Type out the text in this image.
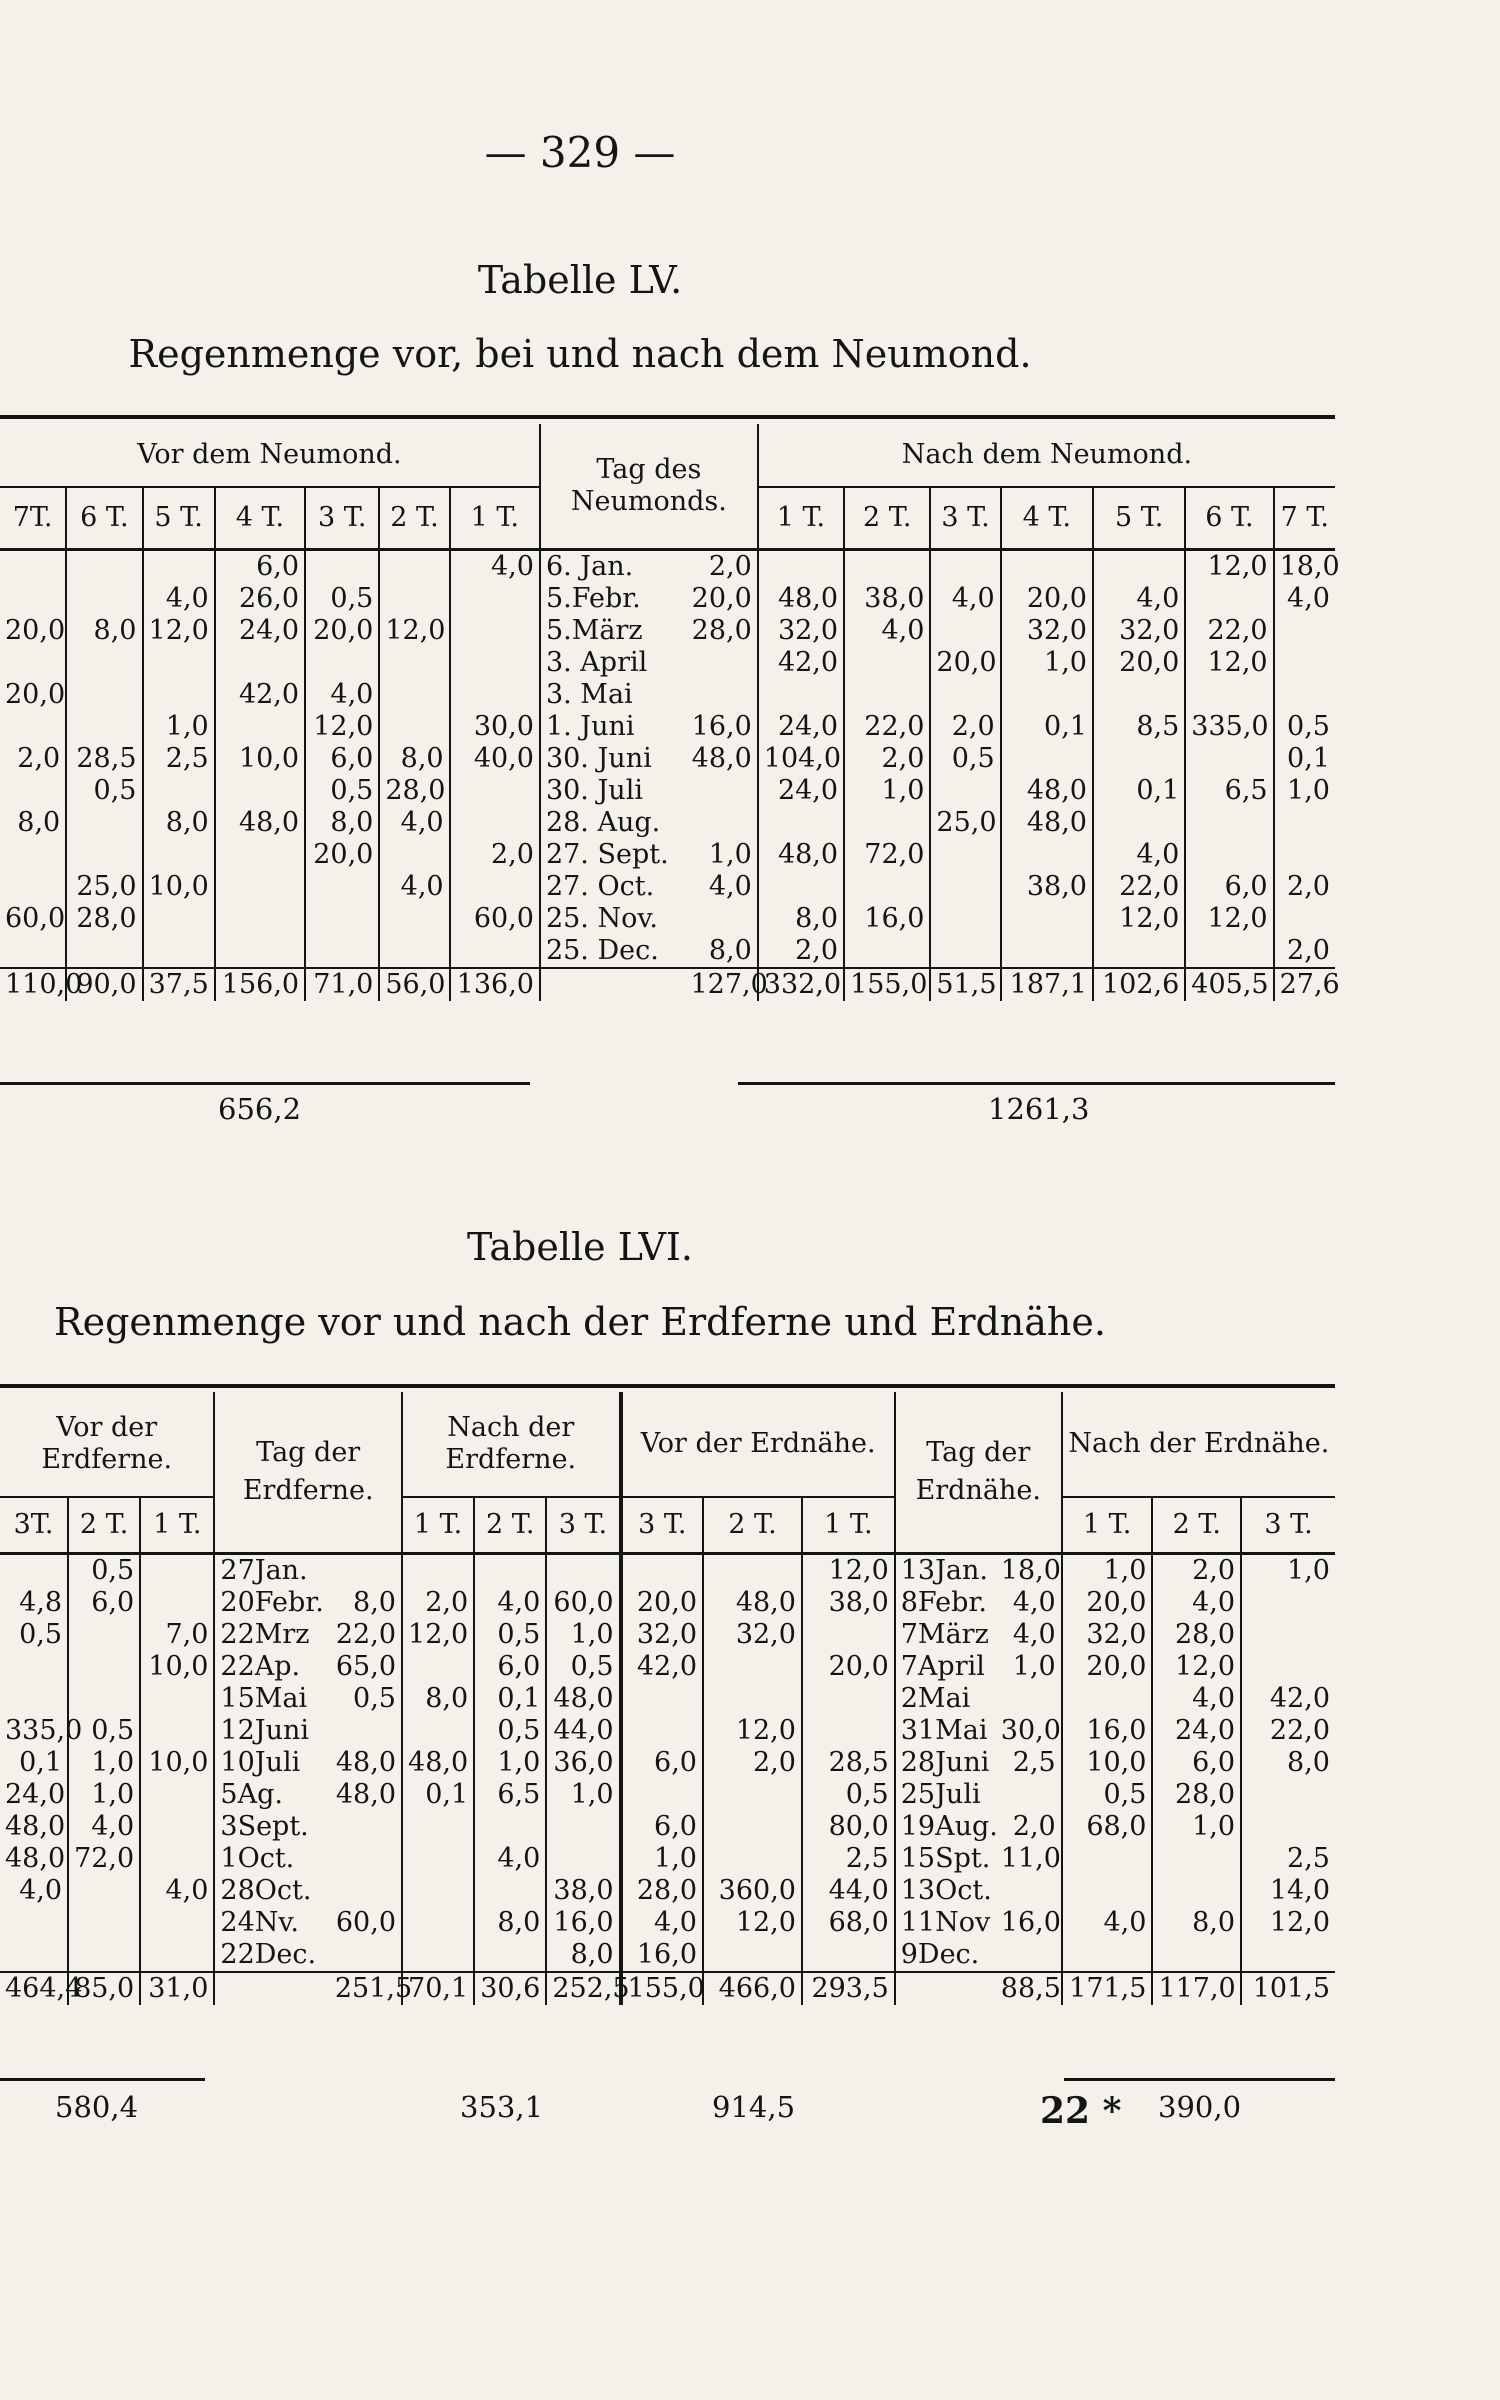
— 329 —
Tabelle LV.
Regenmenge vor, bei und nach dem Neumond.
Vor dem Neumond.							Tag des Neumonds.		Nach dem Neumond.						
7T.	6 T.	5 T.	4 T.	3 T.	2 T.	1 T.			1 T.	2 T.	3 T.	4 T.	5 T.	6 T.	7 T.
			6,0			4,0	6. Jan.	2,0						12,0	18,0
		4,0	26,0	0,5			5.Febr.	20,0	48,0	38,0	4,0	20,0	4,0		4,0
20,0	8,0	12,0	24,0	20,0	12,0		5.März	28,0	32,0	4,0		32,0	32,0	22,0	
							3. April		42,0		20,0	1,0	20,0	12,0	
20,0			42,0	4,0			3. Mai								
		1,0		12,0		30,0	1. Juni	16,0	24,0	22,0	2,0	0,1	8,5	335,0	0,5
2,0	28,5	2,5	10,0	6,0	8,0	40,0	30. Juni	48,0	104,0	2,0	0,5				0,1
	0,5			0,5	28,0		30. Juli		24,0	1,0		48,0	0,1	6,5	1,0
8,0		8,0	48,0	8,0	4,0		28. Aug.				25,0	48,0			
				20,0		2,0	27. Sept.	1,0	48,0	72,0			4,0		
	25,0	10,0			4,0		27. Oct.	4,0				38,0	22,0	6,0	2,0
60,0	28,0					60,0	25. Nov.		8,0	16,0			12,0	12,0	
							25. Dec.	8,0	2,0						2,0
110,0	90,0	37,5	156,0	71,0	56,0	136,0		127,0	332,0	155,0	51,5	187,1	102,6	405,5	27,6
656,2	1261,3
Tabelle LVI.
Regenmenge vor und nach der Erdferne und Erdnähe.
Vor der Erdferne.			Tag der Erdferne.		Nach der Erdferne.			Vor der Erdnähe.			Tag der Erdnähe.		Nach der Erdnähe.		
3T.	2 T.	1 T.			1 T.	2 T.	3 T.	3 T.	2 T.	1 T.			1 T.	2 T.	3 T.
	0,5		27Jan.							12,0	13Jan.	18,0	1,0	2,0	1,0
4,8	6,0		20Febr.	8,0	2,0	4,0	60,0	20,0	48,0	38,0	8Febr.	4,0	20,0	4,0	
0,5		7,0	22Mrz	22,0	12,0	0,5	1,0	32,0	32,0		7März	4,0	32,0	28,0	
		10,0	22Ap.	65,0		6,0	0,5	42,0		20,0	7April	1,0	20,0	12,0	
			15Mai	0,5	8,0	0,1	48,0				2Mai			4,0	42,0
335,0	0,5		12Juni			0,5	44,0		12,0		31Mai	30,0	16,0	24,0	22,0
0,1	1,0	10,0	10Juli	48,0	48,0	1,0	36,0	6,0	2,0	28,5	28Juni	2,5	10,0	6,0	8,0
24,0	1,0		5Ag.	48,0	0,1	6,5	1,0			0,5	25Juli		0,5	28,0	
48,0	4,0		3Sept.					6,0		80,0	19Aug.	2,0	68,0	1,0	
48,0	72,0		1Oct.			4,0		1,0		2,5	15Spt.	11,0			2,5
4,0		4,0	28Oct.				38,0	28,0	360,0	44,0	13Oct.				14,0
			24Nv.	60,0		8,0	16,0	4,0	12,0	68,0	11Nov	16,0	4,0	8,0	12,0
			22Dec.				8,0	16,0			9Dec.				
464,4	85,0	31,0		251,5	70,1	30,6	252,5	155,0	466,0	293,5		88,5	171,5	117,0	101,5
580,4	353,1	914,5	390,0
22 *
